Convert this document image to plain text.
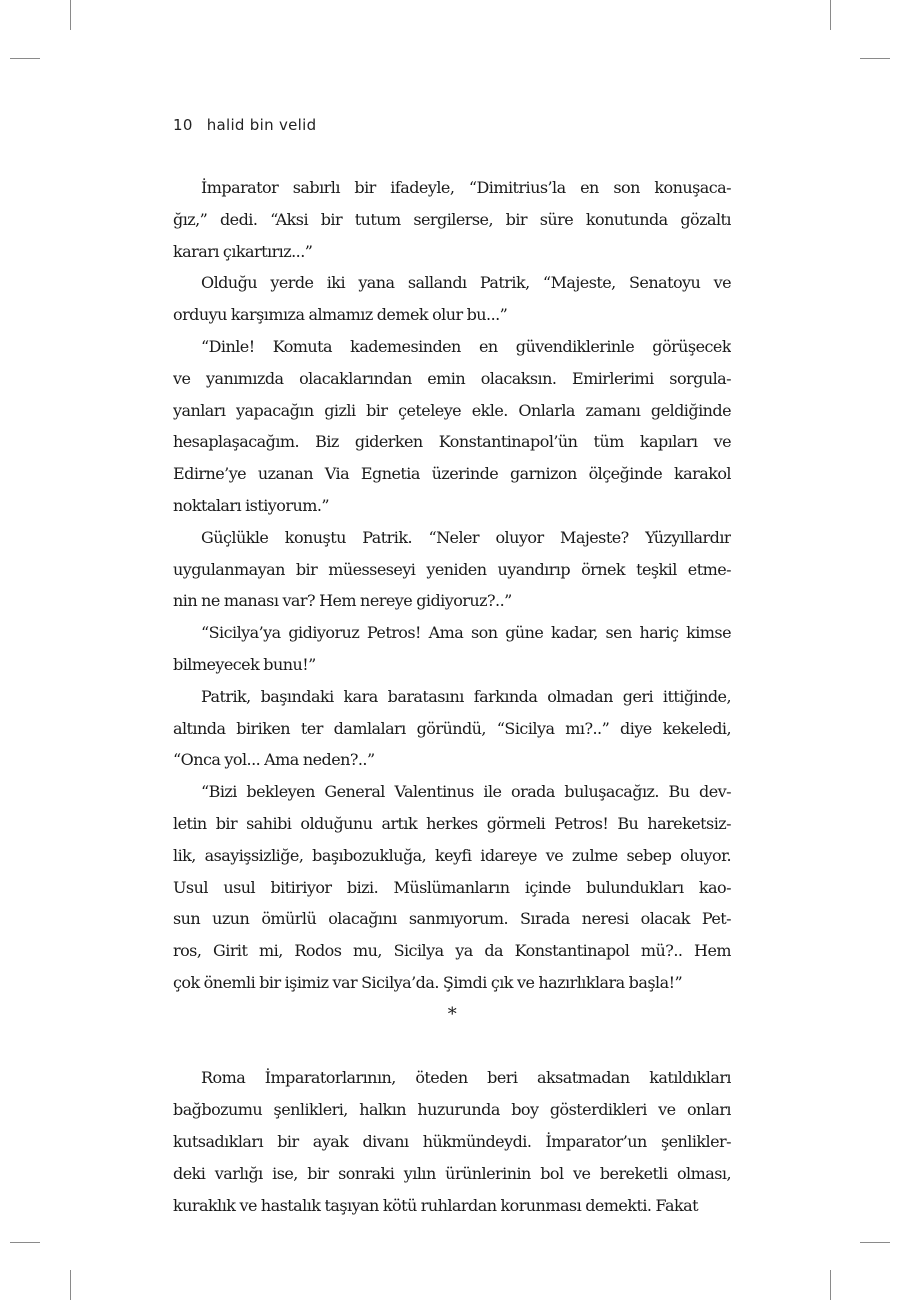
10 halid bin velid
İmparator sabırlı bir ifadeyle, “Dimitrius’la en son konuşaca-
ğız,” dedi. “Aksi bir tutum sergilerse, bir süre konutunda gözaltı
kararı çıkartırız...”
Olduğu yerde iki yana sallandı Patrik, “Majeste, Senatoyu ve
orduyu karşımıza almamız demek olur bu...”
“Dinle! Komuta kademesinden en güvendiklerinle görüşecek
ve yanımızda olacaklarından emin olacaksın. Emirlerimi sorgula-
yanları yapacağın gizli bir çeteleye ekle. Onlarla zamanı geldiğinde
hesaplaşacağım. Biz giderken Konstantinapol’ün tüm kapıları ve
Edirne’ye uzanan Via Egnetia üzerinde garnizon ölçeğinde karakol
noktaları istiyorum.”
Güçlükle konuştu Patrik. “Neler oluyor Majeste? Yüzyıllardır
uygulanmayan bir müesseseyi yeniden uyandırıp örnek teşkil etme-
nin ne manası var? Hem nereye gidiyoruz?..”
“Sicilya’ya gidiyoruz Petros! Ama son güne kadar, sen hariç kimse
bilmeyecek bunu!”
Patrik, başındaki kara baratasını farkında olmadan geri ittiğinde,
altında biriken ter damlaları göründü, “Sicilya mı?..” diye kekeledi,
“Onca yol... Ama neden?..”
“Bizi bekleyen General Valentinus ile orada buluşacağız. Bu dev-
letin bir sahibi olduğunu artık herkes görmeli Petros! Bu hareketsiz-
lik, asayişsizliğe, başıbozukluğa, keyfi idareye ve zulme sebep oluyor.
Usul usul bitiriyor bizi. Müslümanların içinde bulundukları kao-
sun uzun ömürlü olacağını sanmıyorum. Sırada neresi olacak Pet-
ros, Girit mi, Rodos mu, Sicilya ya da Konstantinapol mü?.. Hem
çok önemli bir işimiz var Sicilya’da. Şimdi çık ve hazırlıklara başla!”
*
Roma İmparatorlarının, öteden beri aksatmadan katıldıkları
bağbozumu şenlikleri, halkın huzurunda boy gösterdikleri ve onları
kutsadıkları bir ayak divanı hükmündeydi. İmparator’un şenlikler-
deki varlığı ise, bir sonraki yılın ürünlerinin bol ve bereketli olması,
kuraklık ve hastalık taşıyan kötü ruhlardan korunması demekti. Fakat
